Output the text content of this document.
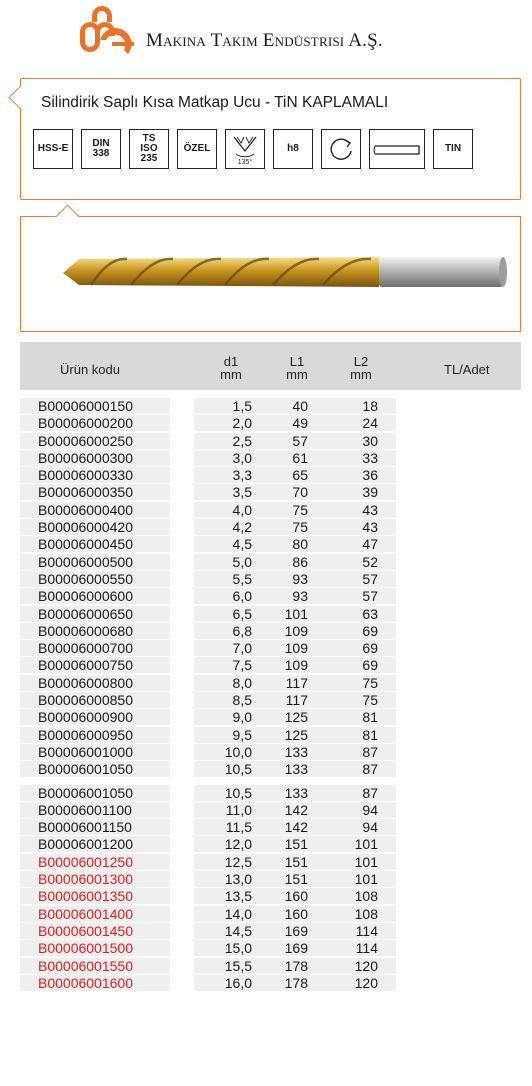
Makina Takım Endüstrisi A.Ş.
Silindirik Saplı Kısa Matkap Ucu - TiN KAPLAMALI
HSS-E DIN
338
TS
ISO
235
ÖZEL
135°
h8	TIN
Ürün kodu
d1
mm
L1
mm
L2
mm	TL/Adet
B00006000150	1,5	40	18
B00006000200	2,0	49	24
B00006000250	2,5	57	30
B00006000300	3,0	61	33
B00006000330	3,3	65	36
B00006000350	3,5	70	39
B00006000400	4,0	75	43
B00006000420	4,2	75	43
B00006000450	4,5	80	47
B00006000500	5,0	86	52
B00006000550	5,5	93	57
B00006000600	6,0	93	57
B00006000650	6,5	101	63
B00006000680	6,8	109	69
B00006000700	7,0	109	69
B00006000750	7,5	109	69
B00006000800	8,0	117	75
B00006000850	8,5	117	75
B00006000900	9,0	125	81
B00006000950	9,5	125	81
B00006001000	10,0	133	87
B00006001050	10,5	133	87
B00006001050	10,5	133	87
B00006001100	11,0	142	94
B00006001150	11,5	142	94
B00006001200	12,0	151	101
B00006001250	12,5	151	101
B00006001300	13,0	151	101
B00006001350	13,5	160	108
B00006001400	14,0	160	108
B00006001450	14,5	169	114
B00006001500	15,0	169	114
B00006001550	15,5	178	120
B00006001600	16,0	178	120
